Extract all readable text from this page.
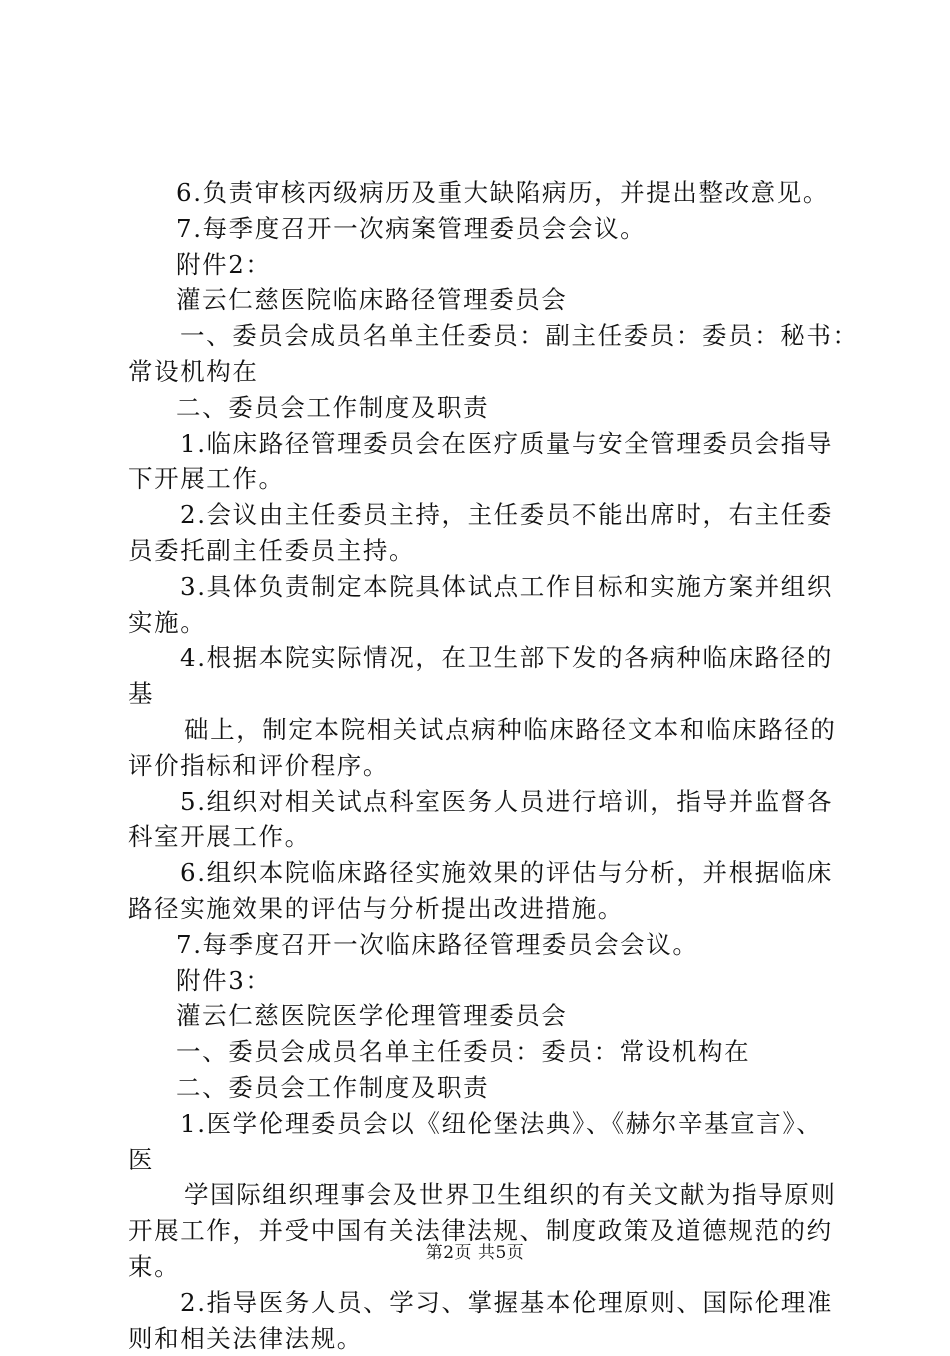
6.负责审核丙级病历及重大缺陷病历，并提出整改意见。
7.每季度召开一次病案管理委员会会议。
附件2：
灌云仁慈医院临床路径管理委员会
一、委员会成员名单主任委员：副主任委员：委员：秘书：
常设机构在
二、委员会工作制度及职责
1.临床路径管理委员会在医疗质量与安全管理委员会指导
下开展工作。
2.会议由主任委员主持，主任委员不能出席时，右主任委
员委托副主任委员主持。
3.具体负责制定本院具体试点工作目标和实施方案并组织
实施。
4.根据本院实际情况，在卫生部下发的各病种临床路径的
基
础上，制定本院相关试点病种临床路径文本和临床路径的
评价指标和评价程序。
5.组织对相关试点科室医务人员进行培训，指导并监督各
科室开展工作。
6.组织本院临床路径实施效果的评估与分析，并根据临床
路径实施效果的评估与分析提出改进措施。
7.每季度召开一次临床路径管理委员会会议。
附件3：
灌云仁慈医院医学伦理管理委员会
一、委员会成员名单主任委员：委员：常设机构在
二、委员会工作制度及职责
1.医学伦理委员会以《纽伦堡法典》、《赫尔辛基宣言》、
医
学国际组织理事会及世界卫生组织的有关文献为指导原则
开展工作，并受中国有关法律法规、制度政策及道德规范的约
束。
2.指导医务人员、学习、掌握基本伦理原则、国际伦理准
则和相关法律法规。
第2页 共5页
